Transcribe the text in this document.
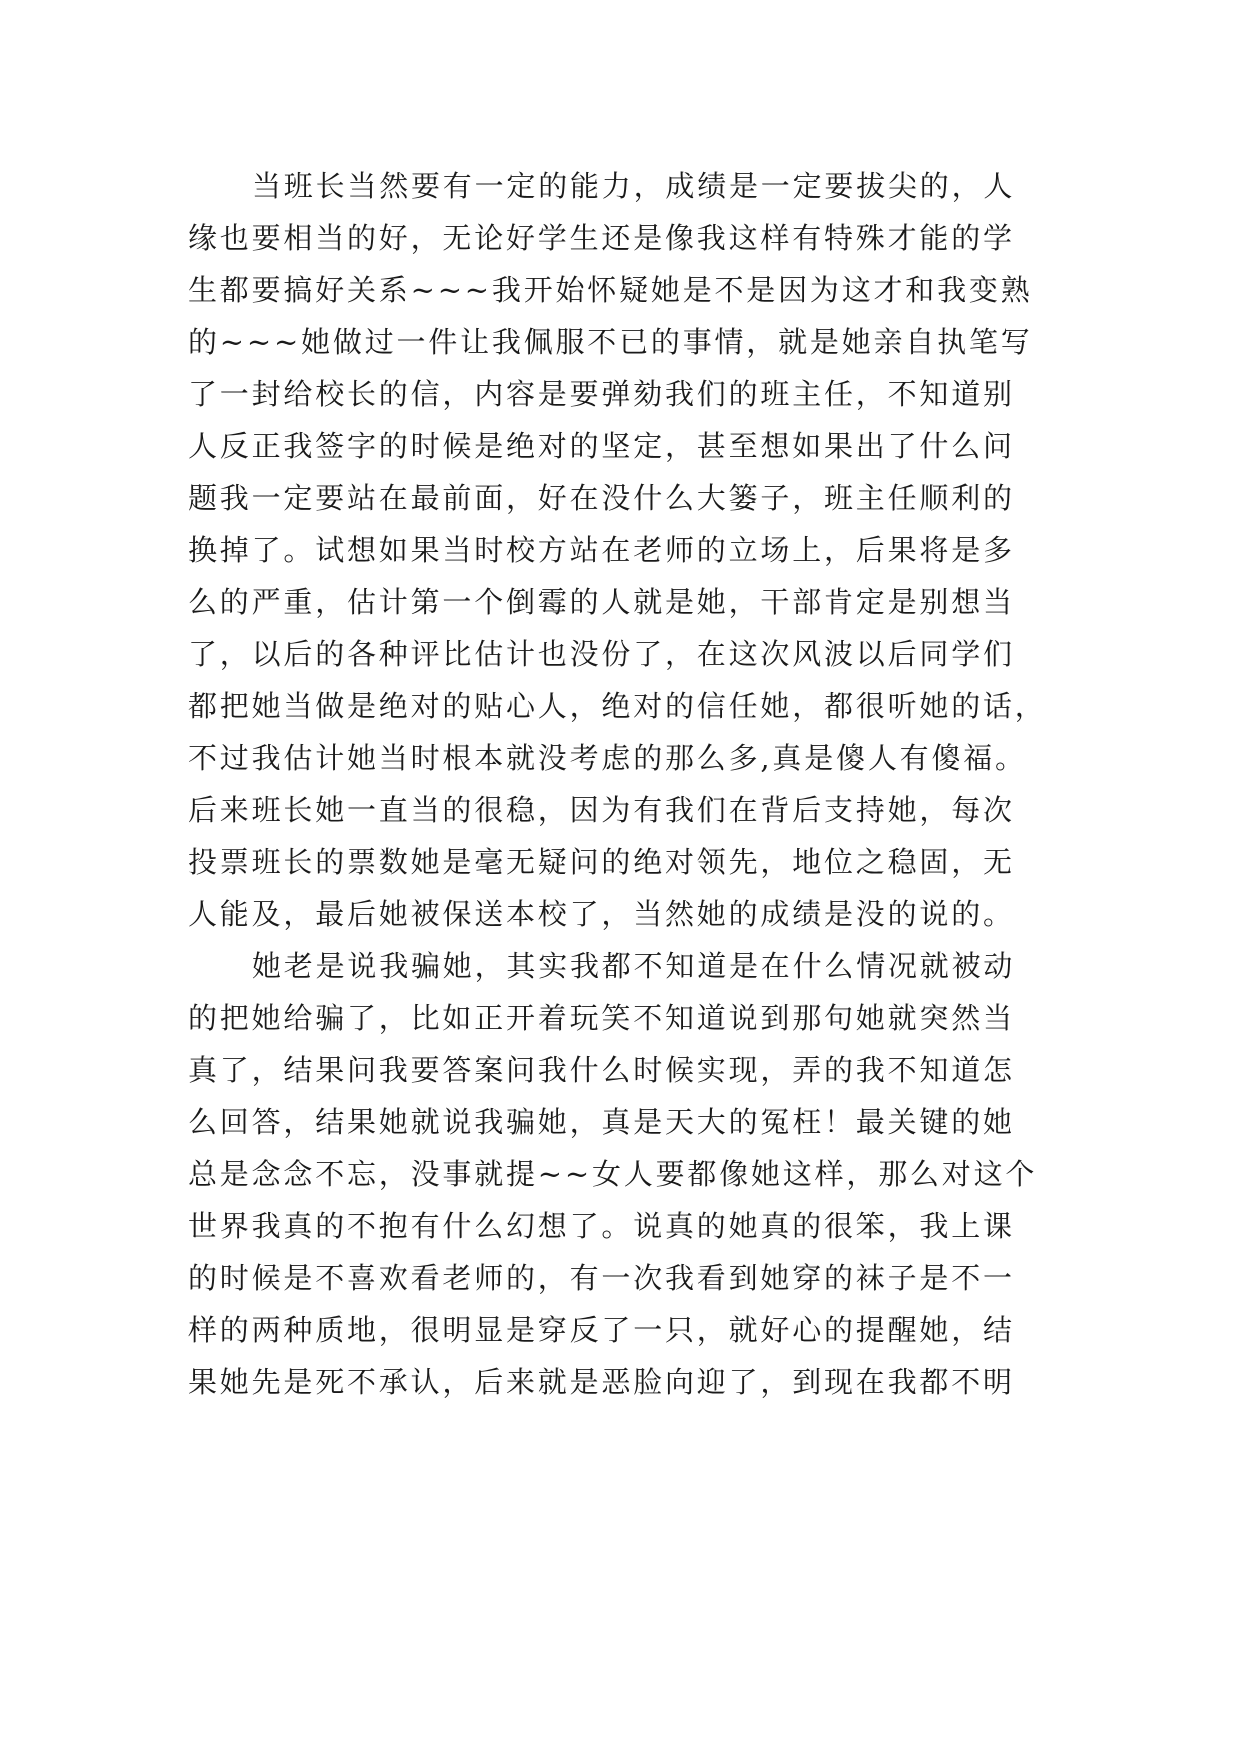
当班长当然要有一定的能力，成绩是一定要拔尖的，人
缘也要相当的好，无论好学生还是像我这样有特殊才能的学
生都要搞好关系~~~我开始怀疑她是不是因为这才和我变熟
的~~~她做过一件让我佩服不已的事情，就是她亲自执笔写
了一封给校长的信，内容是要弹劾我们的班主任，不知道别
人反正我签字的时候是绝对的坚定，甚至想如果出了什么问
题我一定要站在最前面，好在没什么大篓子，班主任顺利的
换掉了。试想如果当时校方站在老师的立场上，后果将是多
么的严重，估计第一个倒霉的人就是她，干部肯定是别想当
了，以后的各种评比估计也没份了，在这次风波以后同学们
都把她当做是绝对的贴心人，绝对的信任她，都很听她的话，
不过我估计她当时根本就没考虑的那么多,真是傻人有傻福。
后来班长她一直当的很稳，因为有我们在背后支持她，每次
投票班长的票数她是毫无疑问的绝对领先，地位之稳固，无
人能及，最后她被保送本校了，当然她的成绩是没的说的。
她老是说我骗她，其实我都不知道是在什么情况就被动
的把她给骗了，比如正开着玩笑不知道说到那句她就突然当
真了，结果问我要答案问我什么时候实现，弄的我不知道怎
么回答，结果她就说我骗她，真是天大的冤枉！最关键的她
总是念念不忘，没事就提~~女人要都像她这样，那么对这个
世界我真的不抱有什么幻想了。说真的她真的很笨，我上课
的时候是不喜欢看老师的，有一次我看到她穿的袜子是不一
样的两种质地，很明显是穿反了一只，就好心的提醒她，结
果她先是死不承认，后来就是恶脸向迎了，到现在我都不明
